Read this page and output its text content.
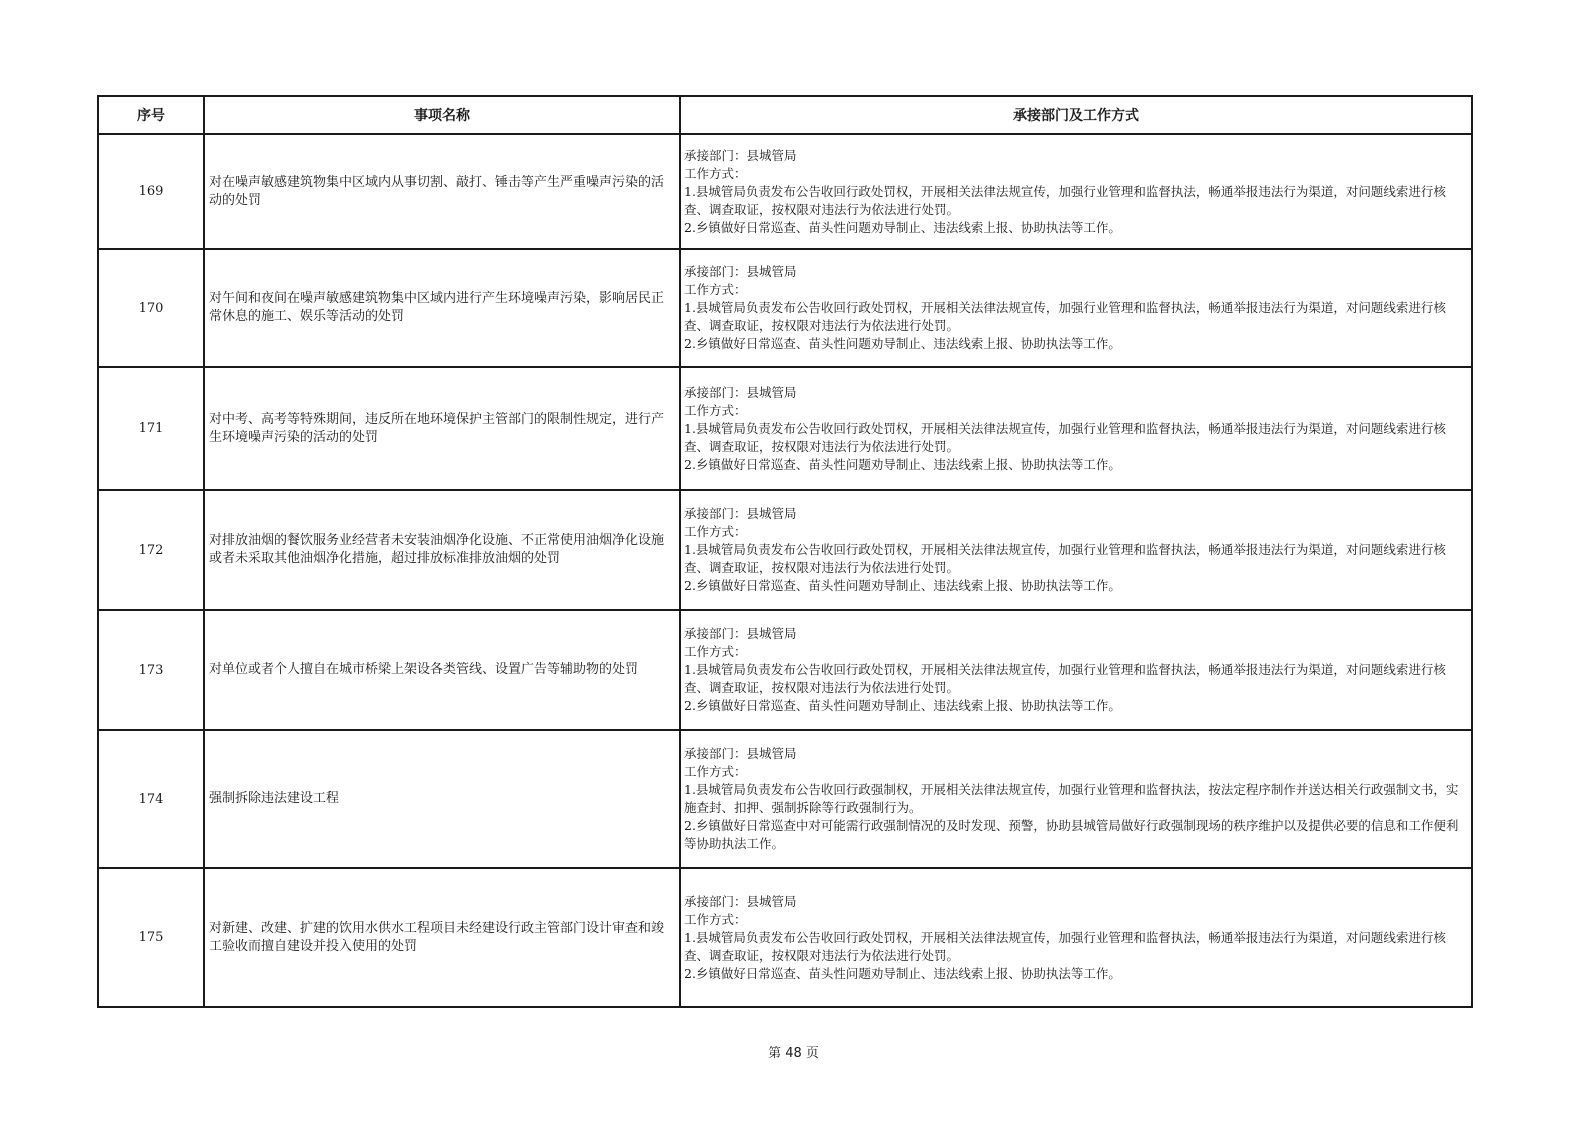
序号	事项名称	承接部门及工作方式
169	对在噪声敏感建筑物集中区域内从事切割、敲打、锤击等产生严重噪声污染的活动的处罚	承接部门：县城管局
工作方式：
1.县城管局负责发布公告收回行政处罚权，开展相关法律法规宣传，加强行业管理和监督执法，畅通举报违法行为渠道，对问题线索进行核查、调查取证，按权限对违法行为依法进行处罚。
2.乡镇做好日常巡查、苗头性问题劝导制止、违法线索上报、协助执法等工作。

170	对午间和夜间在噪声敏感建筑物集中区域内进行产生环境噪声污染，影响居民正常休息的施工、娱乐等活动的处罚	承接部门：县城管局
工作方式：
1.县城管局负责发布公告收回行政处罚权，开展相关法律法规宣传，加强行业管理和监督执法，畅通举报违法行为渠道，对问题线索进行核查、调查取证，按权限对违法行为依法进行处罚。
2.乡镇做好日常巡查、苗头性问题劝导制止、违法线索上报、协助执法等工作。

171	对中考、高考等特殊期间，违反所在地环境保护主管部门的限制性规定，进行产生环境噪声污染的活动的处罚	承接部门：县城管局
工作方式：
1.县城管局负责发布公告收回行政处罚权，开展相关法律法规宣传，加强行业管理和监督执法，畅通举报违法行为渠道，对问题线索进行核查、调查取证，按权限对违法行为依法进行处罚。
2.乡镇做好日常巡查、苗头性问题劝导制止、违法线索上报、协助执法等工作。

172	对排放油烟的餐饮服务业经营者未安装油烟净化设施、不正常使用油烟净化设施或者未采取其他油烟净化措施，超过排放标准排放油烟的处罚	承接部门：县城管局
工作方式：
1.县城管局负责发布公告收回行政处罚权，开展相关法律法规宣传，加强行业管理和监督执法，畅通举报违法行为渠道，对问题线索进行核查、调查取证，按权限对违法行为依法进行处罚。
2.乡镇做好日常巡查、苗头性问题劝导制止、违法线索上报、协助执法等工作。

173	对单位或者个人擅自在城市桥梁上架设各类管线、设置广告等辅助物的处罚	承接部门：县城管局
工作方式：
1.县城管局负责发布公告收回行政处罚权，开展相关法律法规宣传，加强行业管理和监督执法，畅通举报违法行为渠道，对问题线索进行核查、调查取证，按权限对违法行为依法进行处罚。
2.乡镇做好日常巡查、苗头性问题劝导制止、违法线索上报、协助执法等工作。

174	强制拆除违法建设工程	承接部门：县城管局
工作方式：
1.县城管局负责发布公告收回行政强制权，开展相关法律法规宣传，加强行业管理和监督执法，按法定程序制作并送达相关行政强制文书，实施查封、扣押、强制拆除等行政强制行为。
2.乡镇做好日常巡查中对可能需行政强制情况的及时发现、预警，协助县城管局做好行政强制现场的秩序维护以及提供必要的信息和工作便利等协助执法工作。

175	对新建、改建、扩建的饮用水供水工程项目未经建设行政主管部门设计审查和竣工验收而擅自建设并投入使用的处罚	承接部门：县城管局
工作方式：
1.县城管局负责发布公告收回行政处罚权，开展相关法律法规宣传，加强行业管理和监督执法，畅通举报违法行为渠道，对问题线索进行核查、调查取证，按权限对违法行为依法进行处罚。
2.乡镇做好日常巡查、苗头性问题劝导制止、违法线索上报、协助执法等工作。
第 48 页
